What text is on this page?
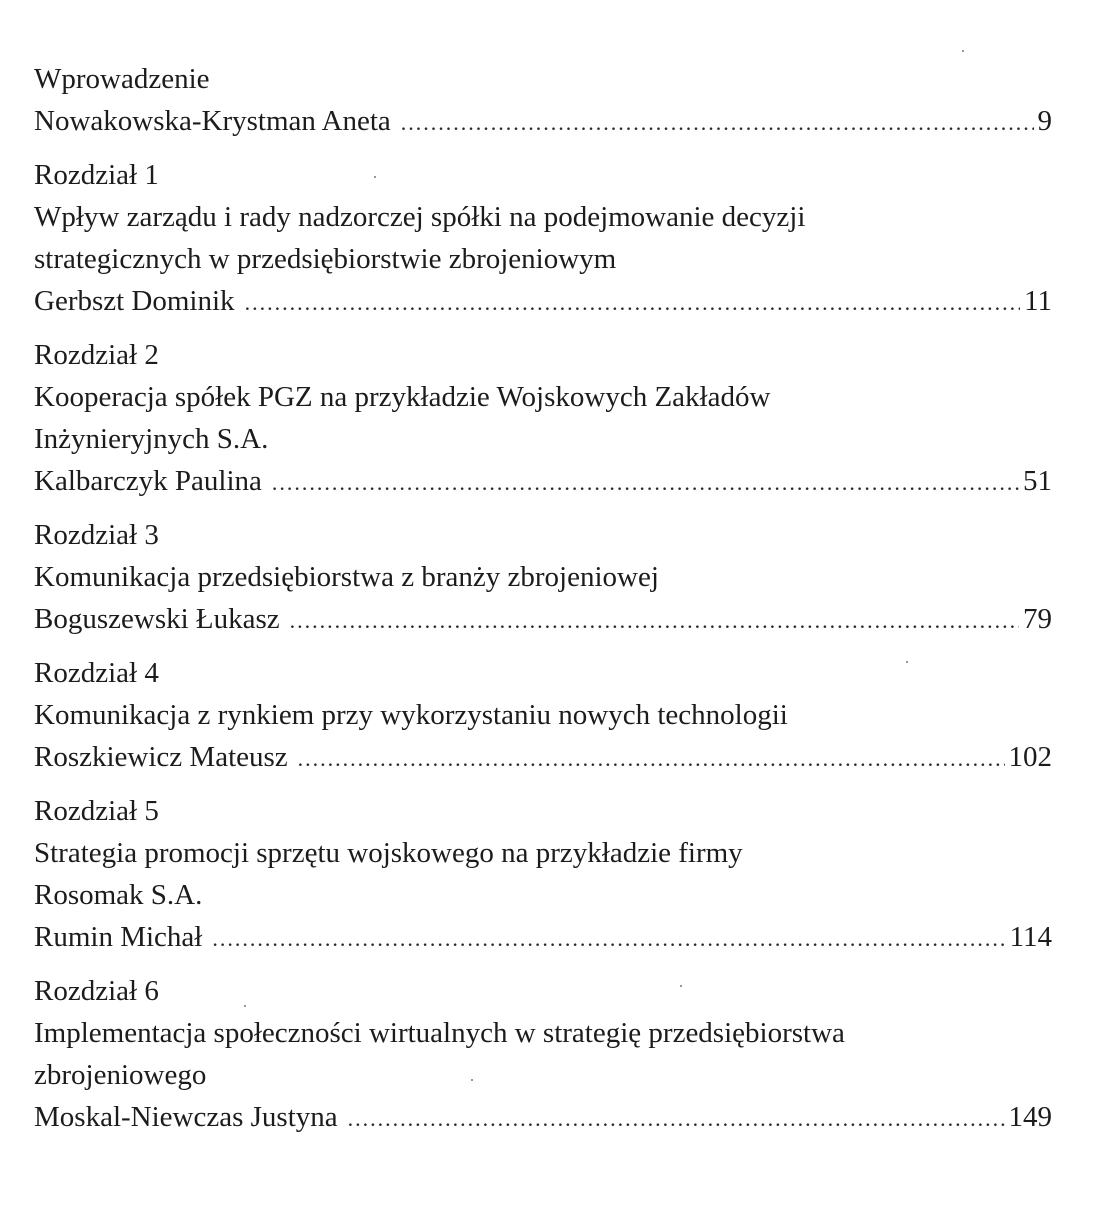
Wprowadzenie
Nowakowska-Krystman Aneta .....	9
Rozdział 1
Wpływ zarządu i rady nadzorczej spółki na podejmowanie decyzji
strategicznych w przedsiębiorstwie zbrojeniowym
Gerbszt Dominik .....	11
Rozdział 2
Kooperacja spółek PGZ na przykładzie Wojskowych Zakładów
Inżynieryjnych S.A.
Kalbarczyk Paulina .....	51
Rozdział 3
Komunikacja przedsiębiorstwa z branży zbrojeniowej
Boguszewski Łukasz .....	79
Rozdział 4
Komunikacja z rynkiem przy wykorzystaniu nowych technologii
Roszkiewicz Mateusz .....	102
Rozdział 5
Strategia promocji sprzętu wojskowego na przykładzie firmy
Rosomak S.A.
Rumin Michał .....	114
Rozdział 6
Implementacja społeczności wirtualnych w strategię przedsiębiorstwa
zbrojeniowego
Moskal-Niewczas Justyna .....	149
